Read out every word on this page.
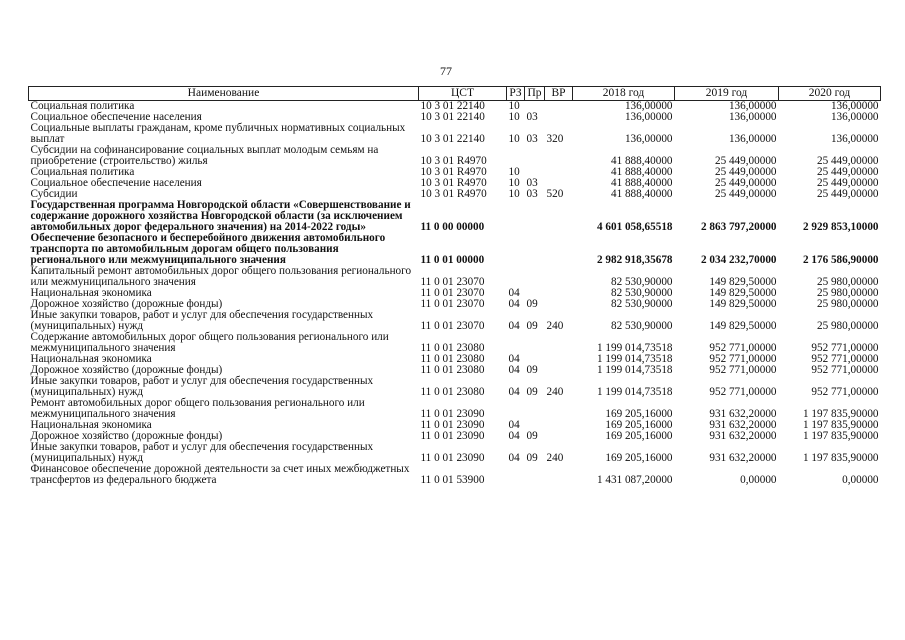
77
Наименование	ЦСТ	РЗ	Пр	ВР	2018 год	2019 год	2020 год
Социальная политика	10 3 01 22140	10			136,00000	136,00000	136,00000
Социальное обеспечение населения	10 3 01 22140	10	03		136,00000	136,00000	136,00000
Социальные выплаты гражданам, кроме публичных нормативных социальных выплат	10 3 01 22140	10	03	320	136,00000	136,00000	136,00000
Субсидии на софинансирование социальных выплат молодым семьям на приобретение (строительство) жилья	10 3 01 R4970				41 888,40000	25 449,00000	25 449,00000
Социальная политика	10 3 01 R4970	10			41 888,40000	25 449,00000	25 449,00000
Социальное обеспечение населения	10 3 01 R4970	10	03		41 888,40000	25 449,00000	25 449,00000
Субсидии	10 3 01 R4970	10	03	520	41 888,40000	25 449,00000	25 449,00000
Государственная программа Новгородской области «Совершенствование и содержание дорожного хозяйства Новгородской области (за исключением автомобильных дорог федерального значения) на 2014-2022 годы»	11 0 00 00000				4 601 058,65518	2 863 797,20000	2 929 853,10000
Обеспечение безопасного и бесперебойного движения автомобильного транспорта по автомобильным дорогам общего пользования регионального или межмуниципального значения	11 0 01 00000				2 982 918,35678	2 034 232,70000	2 176 586,90000
Капитальный ремонт автомобильных дорог общего пользования регионального или межмуниципального значения	11 0 01 23070				82 530,90000	149 829,50000	25 980,00000
Национальная экономика	11 0 01 23070	04			82 530,90000	149 829,50000	25 980,00000
Дорожное хозяйство (дорожные фонды)	11 0 01 23070	04	09		82 530,90000	149 829,50000	25 980,00000
Иные закупки товаров, работ и услуг для обеспечения государственных (муниципальных) нужд	11 0 01 23070	04	09	240	82 530,90000	149 829,50000	25 980,00000
Содержание автомобильных дорог общего пользования регионального или межмуниципального значения	11 0 01 23080				1 199 014,73518	952 771,00000	952 771,00000
Национальная экономика	11 0 01 23080	04			1 199 014,73518	952 771,00000	952 771,00000
Дорожное хозяйство (дорожные фонды)	11 0 01 23080	04	09		1 199 014,73518	952 771,00000	952 771,00000
Иные закупки товаров, работ и услуг для обеспечения государственных (муниципальных) нужд	11 0 01 23080	04	09	240	1 199 014,73518	952 771,00000	952 771,00000
Ремонт автомобильных дорог общего пользования регионального или межмуниципального значения	11 0 01 23090				169 205,16000	931 632,20000	1 197 835,90000
Национальная экономика	11 0 01 23090	04			169 205,16000	931 632,20000	1 197 835,90000
Дорожное хозяйство (дорожные фонды)	11 0 01 23090	04	09		169 205,16000	931 632,20000	1 197 835,90000
Иные закупки товаров, работ и услуг для обеспечения государственных (муниципальных) нужд	11 0 01 23090	04	09	240	169 205,16000	931 632,20000	1 197 835,90000
Финансовое обеспечение дорожной деятельности за счет иных межбюджетных трансфертов из федерального бюджета	11 0 01 53900				1 431 087,20000	0,00000	0,00000
